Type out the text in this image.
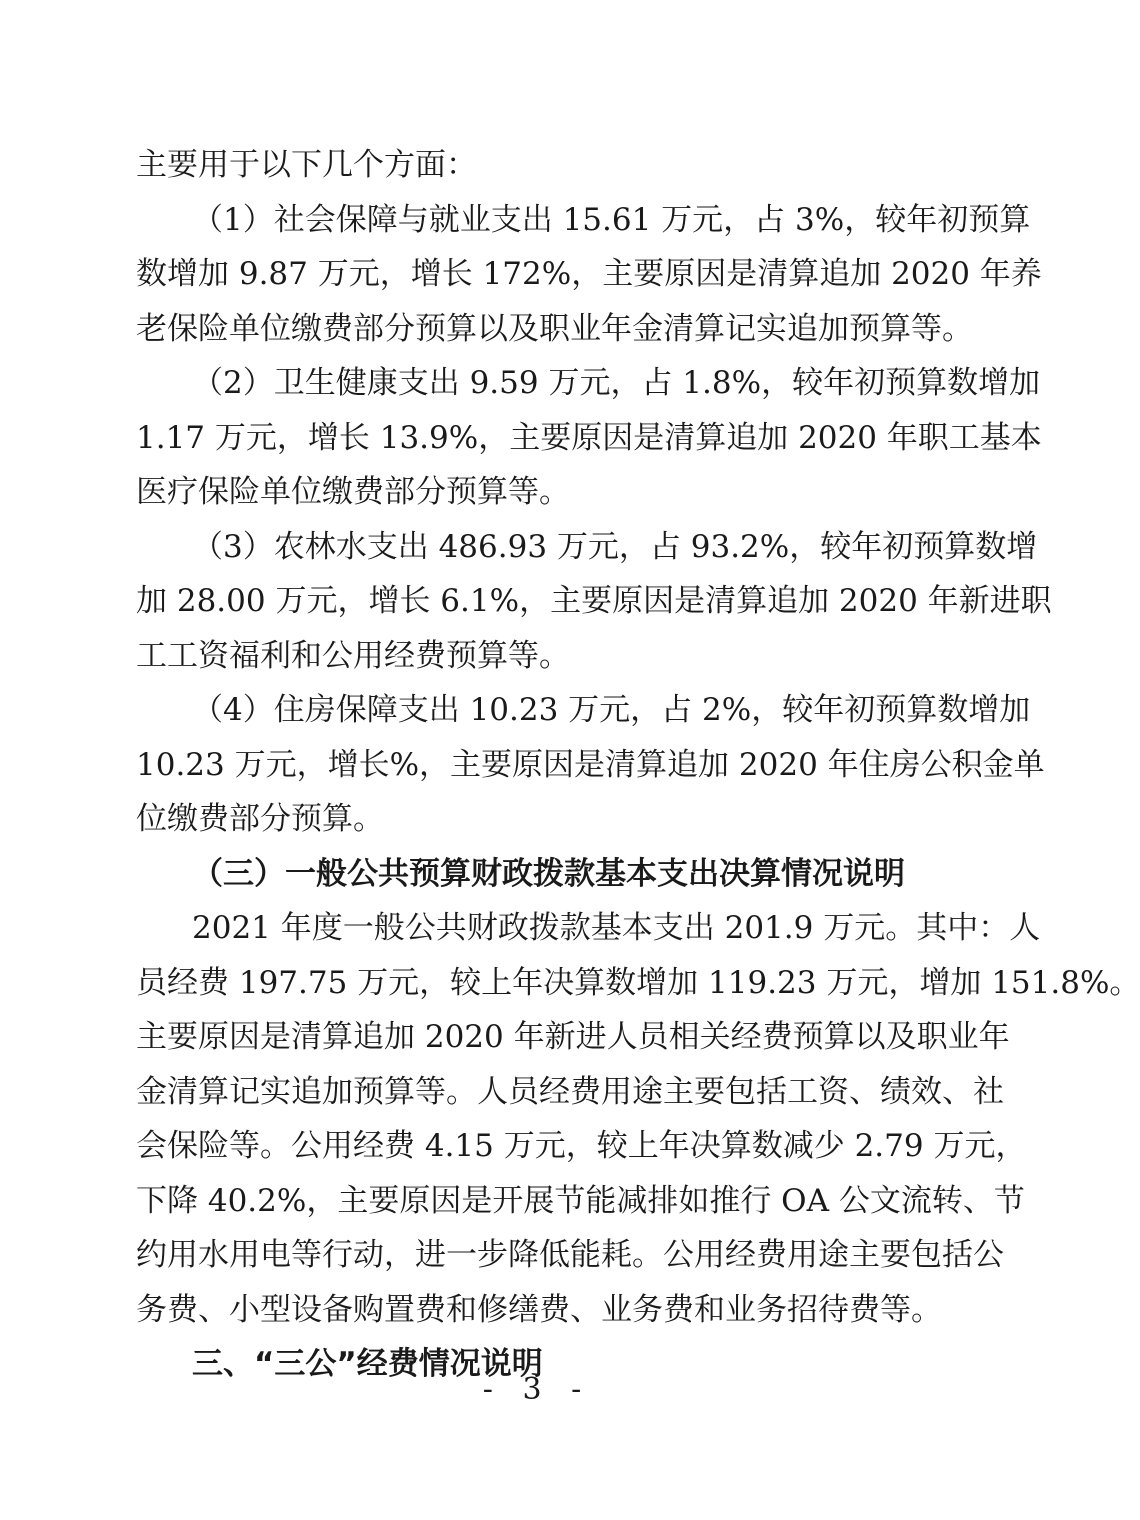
主要用于以下几个方面：
（1）社会保障与就业支出 15.61 万元，占 3%，较年初预算
数增加 9.87 万元，增长 172%，主要原因是清算追加 2020 年养
老保险单位缴费部分预算以及职业年金清算记实追加预算等。
（2）卫生健康支出 9.59 万元，占 1.8%，较年初预算数增加
1.17 万元，增长 13.9%，主要原因是清算追加 2020 年职工基本
医疗保险单位缴费部分预算等。
（3）农林水支出 486.93 万元，占 93.2%，较年初预算数增
加 28.00 万元，增长 6.1%，主要原因是清算追加 2020 年新进职
工工资福利和公用经费预算等。
（4）住房保障支出 10.23 万元，占 2%，较年初预算数增加
10.23 万元，增长%，主要原因是清算追加 2020 年住房公积金单
位缴费部分预算。
（三）一般公共预算财政拨款基本支出决算情况说明
2021 年度一般公共财政拨款基本支出 201.9 万元。其中：人
员经费 197.75 万元，较上年决算数增加 119.23 万元，增加 151.8%。
主要原因是清算追加 2020 年新进人员相关经费预算以及职业年
金清算记实追加预算等。人员经费用途主要包括工资、绩效、社
会保险等。公用经费 4.15 万元，较上年决算数减少 2.79 万元，
下降 40.2%，主要原因是开展节能减排如推行 OA 公文流转、节
约用水用电等行动，进一步降低能耗。公用经费用途主要包括公
务费、小型设备购置费和修缮费、业务费和业务招待费等。
三、“三公”经费情况说明
- 3 -
